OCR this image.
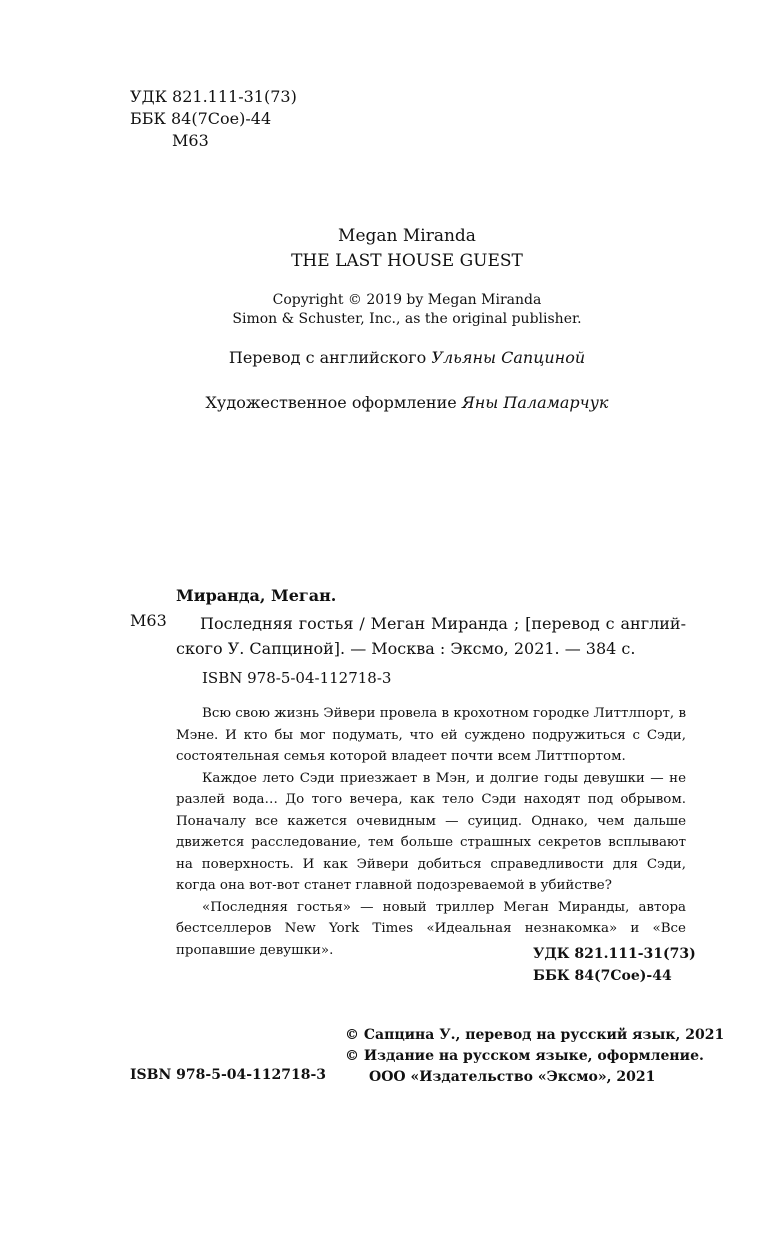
УДК 821.111-31(73)
ББК 84(7Сое)-44
М63
Megan Miranda
THE LAST HOUSE GUEST
Copyright © 2019 by Megan Miranda
Simon & Schuster, Inc., as the original publisher.
Перевод с английского Ульяны Сапциной
Художественное оформление Яны Паламарчук
Миранда, Меган.
М63	Последняя гостья / Меган Миранда ; [перевод с англий-ского У. Сапциной]. — Москва : Эксмо, 2021. — 384 с.
ISBN 978-5-04-112718-3

Всю свою жизнь Эйвери провела в крохотном городке Литтлпорт, в Мэне. И кто бы мог подумать, что ей суждено подружиться с Сэди, состоятельная семья которой владеет почти всем Литтпортом.

Каждое лето Сэди приезжает в Мэн, и долгие годы девушки — не разлей вода… До того вечера, как тело Сэди находят под обрывом. Поначалу все кажется очевидным — суицид. Однако, чем дальше движется расследование, тем больше страшных секретов всплывают на поверхность. И как Эйвери добиться справедливости для Сэди, когда она вот-вот станет главной подозреваемой в убийстве?

«Последняя гостья» — новый триллер Меган Миранды, автора бестселлеров New York Times «Идеальная незнакомка» и «Все пропавшие девушки».	УДК 821.111-31(73)
ББК 84(7Сое)-44
© Сапцина У., перевод на русский язык, 2021
© Издание на русском языке, оформление.
ООО «Издательство «Эксмо», 2021
ISBN 978-5-04-112718-3
